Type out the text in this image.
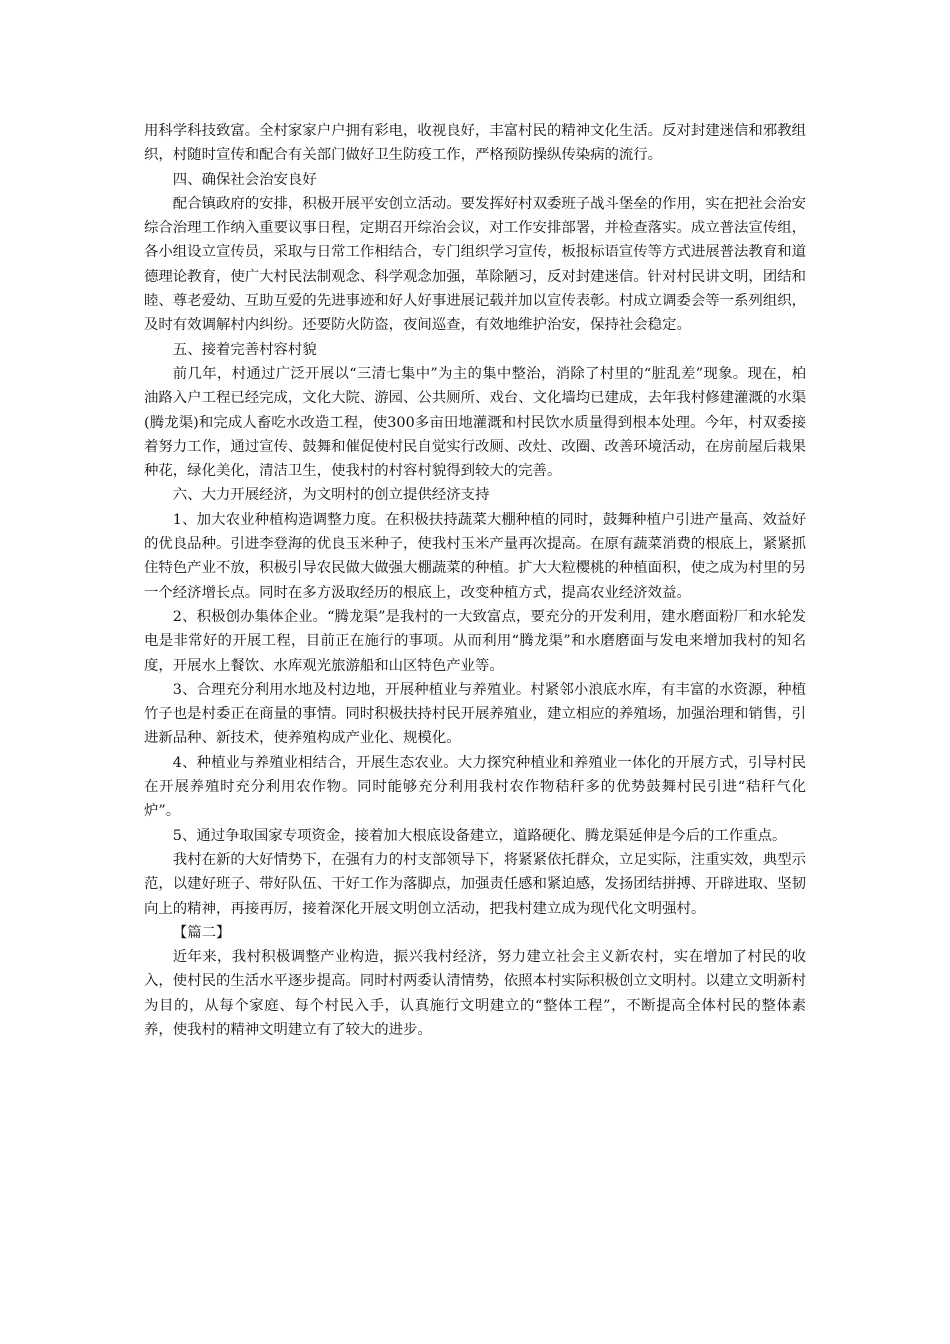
用科学科技致富。全村家家户户拥有彩电，收视良好，丰富村民的精神文化生活。反对封建迷信和邪教组织，村随时宣传和配合有关部门做好卫生防疫工作，严格预防操纵传染病的流行。

四、确保社会治安良好

配合镇政府的安排，积极开展平安创立活动。要发挥好村双委班子战斗堡垒的作用，实在把社会治安综合治理工作纳入重要议事日程，定期召开综治会议，对工作安排部署，并检查落实。成立普法宣传组，各小组设立宣传员，采取与日常工作相结合，专门组织学习宣传，板报标语宣传等方式进展普法教育和道德理论教育，使广大村民法制观念、科学观念加强，革除陋习，反对封建迷信。针对村民讲文明，团结和睦、尊老爱幼、互助互爱的先进事迹和好人好事进展记载并加以宣传表彰。村成立调委会等一系列组织，及时有效调解村内纠纷。还要防火防盗，夜间巡查，有效地维护治安，保持社会稳定。

五、接着完善村容村貌

前几年，村通过广泛开展以“三清七集中”为主的集中整治，消除了村里的“脏乱差”现象。现在，柏油路入户工程已经完成，文化大院、游园、公共厕所、戏台、文化墙均已建成，去年我村修建灌溉的水渠(腾龙渠)和完成人畜吃水改造工程，使300多亩田地灌溉和村民饮水质量得到根本处理。今年，村双委接着努力工作，通过宣传、鼓舞和催促使村民自觉实行改厕、改灶、改圈、改善环境活动，在房前屋后栽果种花，绿化美化，清洁卫生，使我村的村容村貌得到较大的完善。

六、大力开展经济，为文明村的创立提供经济支持

1、加大农业种植构造调整力度。在积极扶持蔬菜大棚种植的同时，鼓舞种植户引进产量高、效益好的优良品种。引进李登海的优良玉米种子，使我村玉米产量再次提高。在原有蔬菜消费的根底上，紧紧抓住特色产业不放，积极引导农民做大做强大棚蔬菜的种植。扩大大粒樱桃的种植面积，使之成为村里的另一个经济增长点。同时在多方汲取经历的根底上，改变种植方式，提高农业经济效益。

2、积极创办集体企业。“腾龙渠”是我村的一大致富点，要充分的开发利用，建水磨面粉厂和水轮发电是非常好的开展工程，目前正在施行的事项。从而利用“腾龙渠”和水磨磨面与发电来增加我村的知名度，开展水上餐饮、水库观光旅游船和山区特色产业等。

3、合理充分利用水地及村边地，开展种植业与养殖业。村紧邻小浪底水库，有丰富的水资源，种植竹子也是村委正在商量的事情。同时积极扶持村民开展养殖业，建立相应的养殖场，加强治理和销售，引进新品种、新技术，使养殖构成产业化、规模化。

4、种植业与养殖业相结合，开展生态农业。大力探究种植业和养殖业一体化的开展方式，引导村民在开展养殖时充分利用农作物。同时能够充分利用我村农作物秸秆多的优势鼓舞村民引进“秸秆气化炉”。

5、通过争取国家专项资金，接着加大根底设备建立，道路硬化、腾龙渠延伸是今后的工作重点。

我村在新的大好情势下，在强有力的村支部领导下，将紧紧依托群众，立足实际，注重实效，典型示范，以建好班子、带好队伍、干好工作为落脚点，加强责任感和紧迫感，发扬团结拼搏、开辟进取、坚韧向上的精神，再接再厉，接着深化开展文明创立活动，把我村建立成为现代化文明强村。

【篇二】

近年来，我村积极调整产业构造，振兴我村经济，努力建立社会主义新农村，实在增加了村民的收入，使村民的生活水平逐步提高。同时村两委认清情势，依照本村实际积极创立文明村。以建立文明新村为目的，从每个家庭、每个村民入手，认真施行文明建立的“整体工程”，不断提高全体村民的整体素养，使我村的精神文明建立有了较大的进步。
